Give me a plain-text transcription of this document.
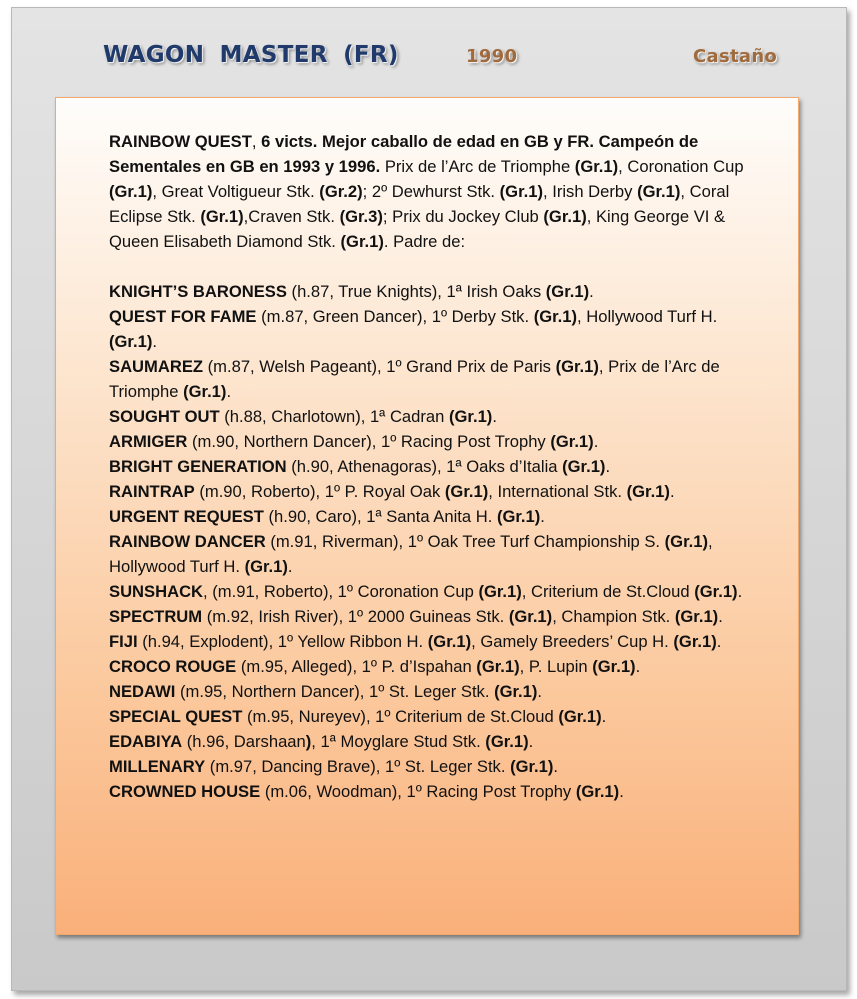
WAGON MASTER (FR)	1990	Castaño

RAINBOW QUEST, 6 victs. Mejor caballo de edad en GB y FR. Campeón de Sementales en GB en 1993 y 1996. Prix de l’Arc de Triomphe (Gr.1), Coronation Cup (Gr.1), Great Voltigueur Stk. (Gr.2); 2º Dewhurst Stk. (Gr.1), Irish Derby (Gr.1), Coral Eclipse Stk. (Gr.1),Craven Stk. (Gr.3); Prix du Jockey Club (Gr.1), King George VI & Queen Elisabeth Diamond Stk. (Gr.1). Padre de:

KNIGHT’S BARONESS (h.87, True Knights), 1ª Irish Oaks (Gr.1).

QUEST FOR FAME (m.87, Green Dancer), 1º Derby Stk. (Gr.1), Hollywood Turf H. (Gr.1).

SAUMAREZ (m.87, Welsh Pageant), 1º Grand Prix de Paris (Gr.1), Prix de l’Arc de Triomphe (Gr.1).

SOUGHT OUT (h.88, Charlotown), 1ª Cadran (Gr.1).

ARMIGER (m.90, Northern Dancer), 1º Racing Post Trophy (Gr.1).

BRIGHT GENERATION (h.90, Athenagoras), 1ª Oaks d’Italia (Gr.1).

RAINTRAP (m.90, Roberto), 1º P. Royal Oak (Gr.1), International Stk. (Gr.1).

URGENT REQUEST (h.90, Caro), 1ª Santa Anita H. (Gr.1).

RAINBOW DANCER (m.91, Riverman), 1º Oak Tree Turf Championship S. (Gr.1), Hollywood Turf H. (Gr.1).

SUNSHACK, (m.91, Roberto), 1º Coronation Cup (Gr.1), Criterium de St.Cloud (Gr.1).

SPECTRUM (m.92, Irish River), 1º 2000 Guineas Stk. (Gr.1), Champion Stk. (Gr.1).

FIJI (h.94, Explodent), 1º Yellow Ribbon H. (Gr.1), Gamely Breeders’ Cup H. (Gr.1).

CROCO ROUGE (m.95, Alleged), 1º P. d’Ispahan (Gr.1), P. Lupin (Gr.1).

NEDAWI (m.95, Northern Dancer), 1º St. Leger Stk. (Gr.1).

SPECIAL QUEST (m.95, Nureyev), 1º Criterium de St.Cloud (Gr.1).

EDABIYA (h.96, Darshaan), 1ª Moyglare Stud Stk. (Gr.1).

MILLENARY (m.97, Dancing Brave), 1º St. Leger Stk. (Gr.1).

CROWNED HOUSE (m.06, Woodman), 1º Racing Post Trophy (Gr.1).
